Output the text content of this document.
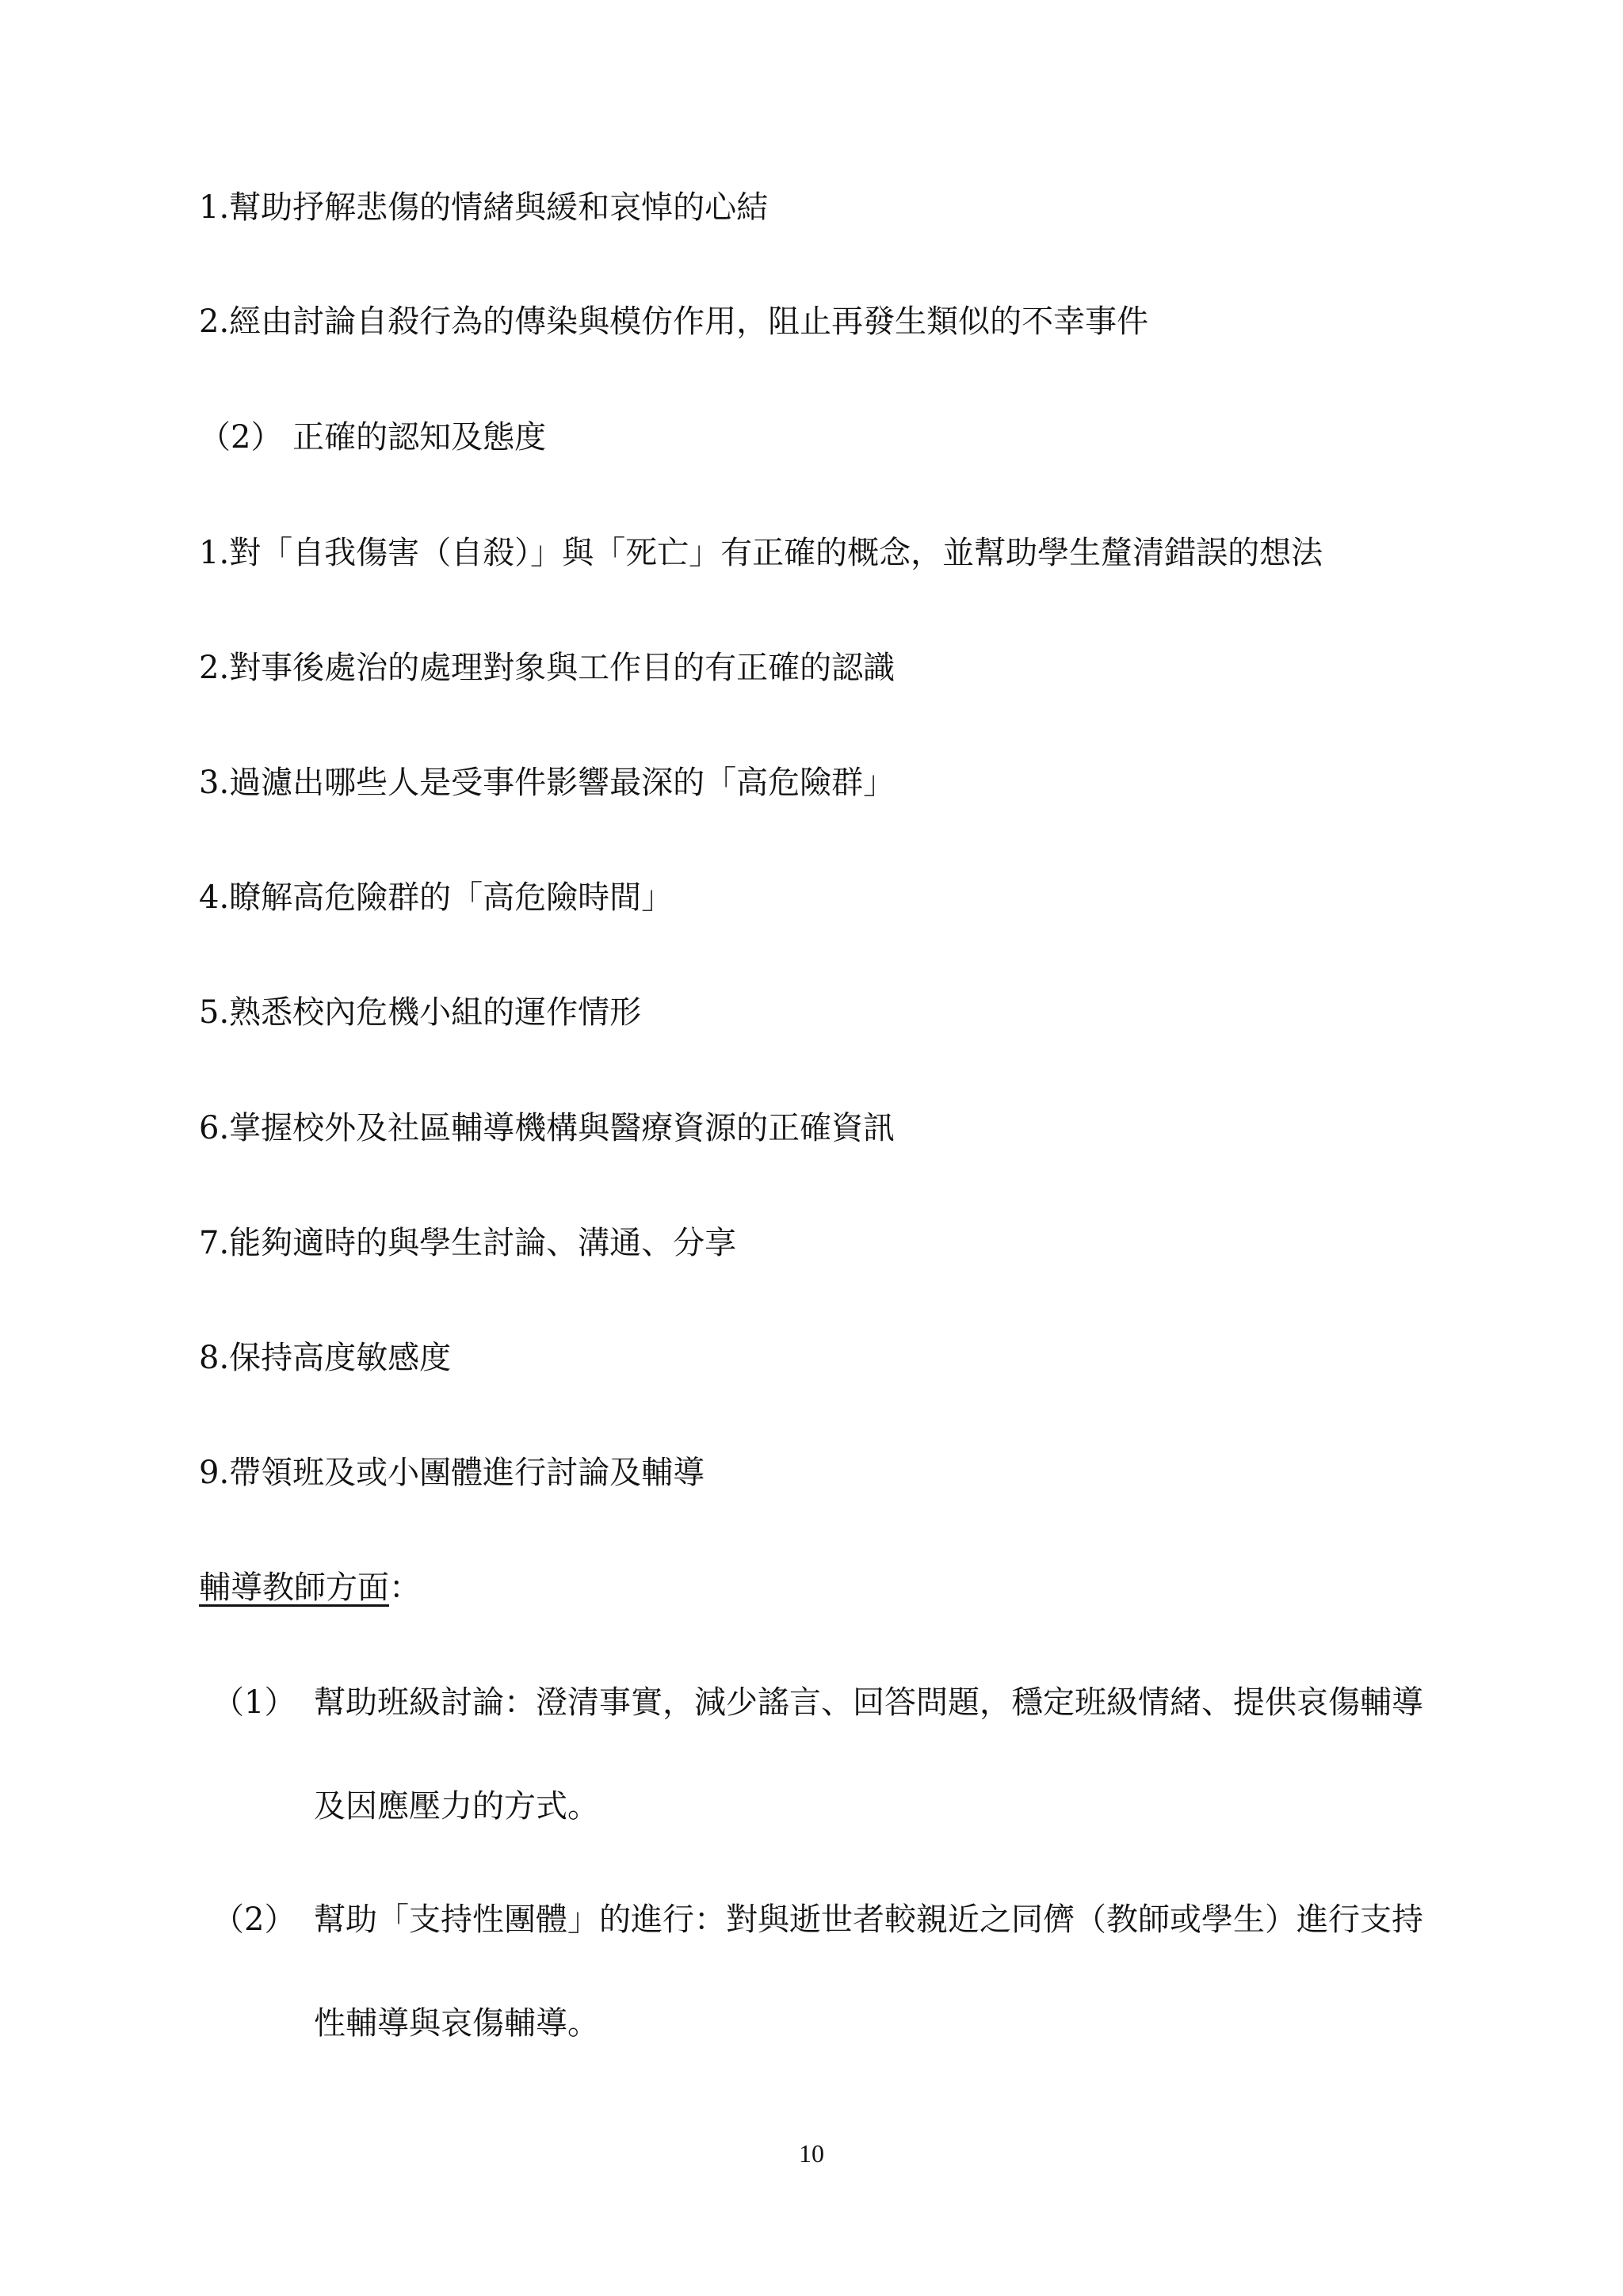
1.幫助抒解悲傷的情緒與緩和哀悼的心結

2.經由討論自殺行為的傳染與模仿作用，阻止再發生類似的不幸事件

（2） 正確的認知及態度

1.對「自我傷害（自殺）」與「死亡」有正確的概念，並幫助學生釐清錯誤的想法

2.對事後處治的處理對象與工作目的有正確的認識

3.過濾出哪些人是受事件影響最深的「高危險群」

4.瞭解高危險群的「高危險時間」

5.熟悉校內危機小組的運作情形

6.掌握校外及社區輔導機構與醫療資源的正確資訊

7.能夠適時的與學生討論、溝通、分享

8.保持高度敏感度

9.帶領班及或小團體進行討論及輔導

輔導教師方面：

（1） 幫助班級討論：澄清事實，減少謠言、回答問題，穩定班級情緒、提供哀傷輔導
及因應壓力的方式。
（2） 幫助「支持性團體」的進行：對與逝世者較親近之同儕（教師或學生）進行支持
性輔導與哀傷輔導。
10
